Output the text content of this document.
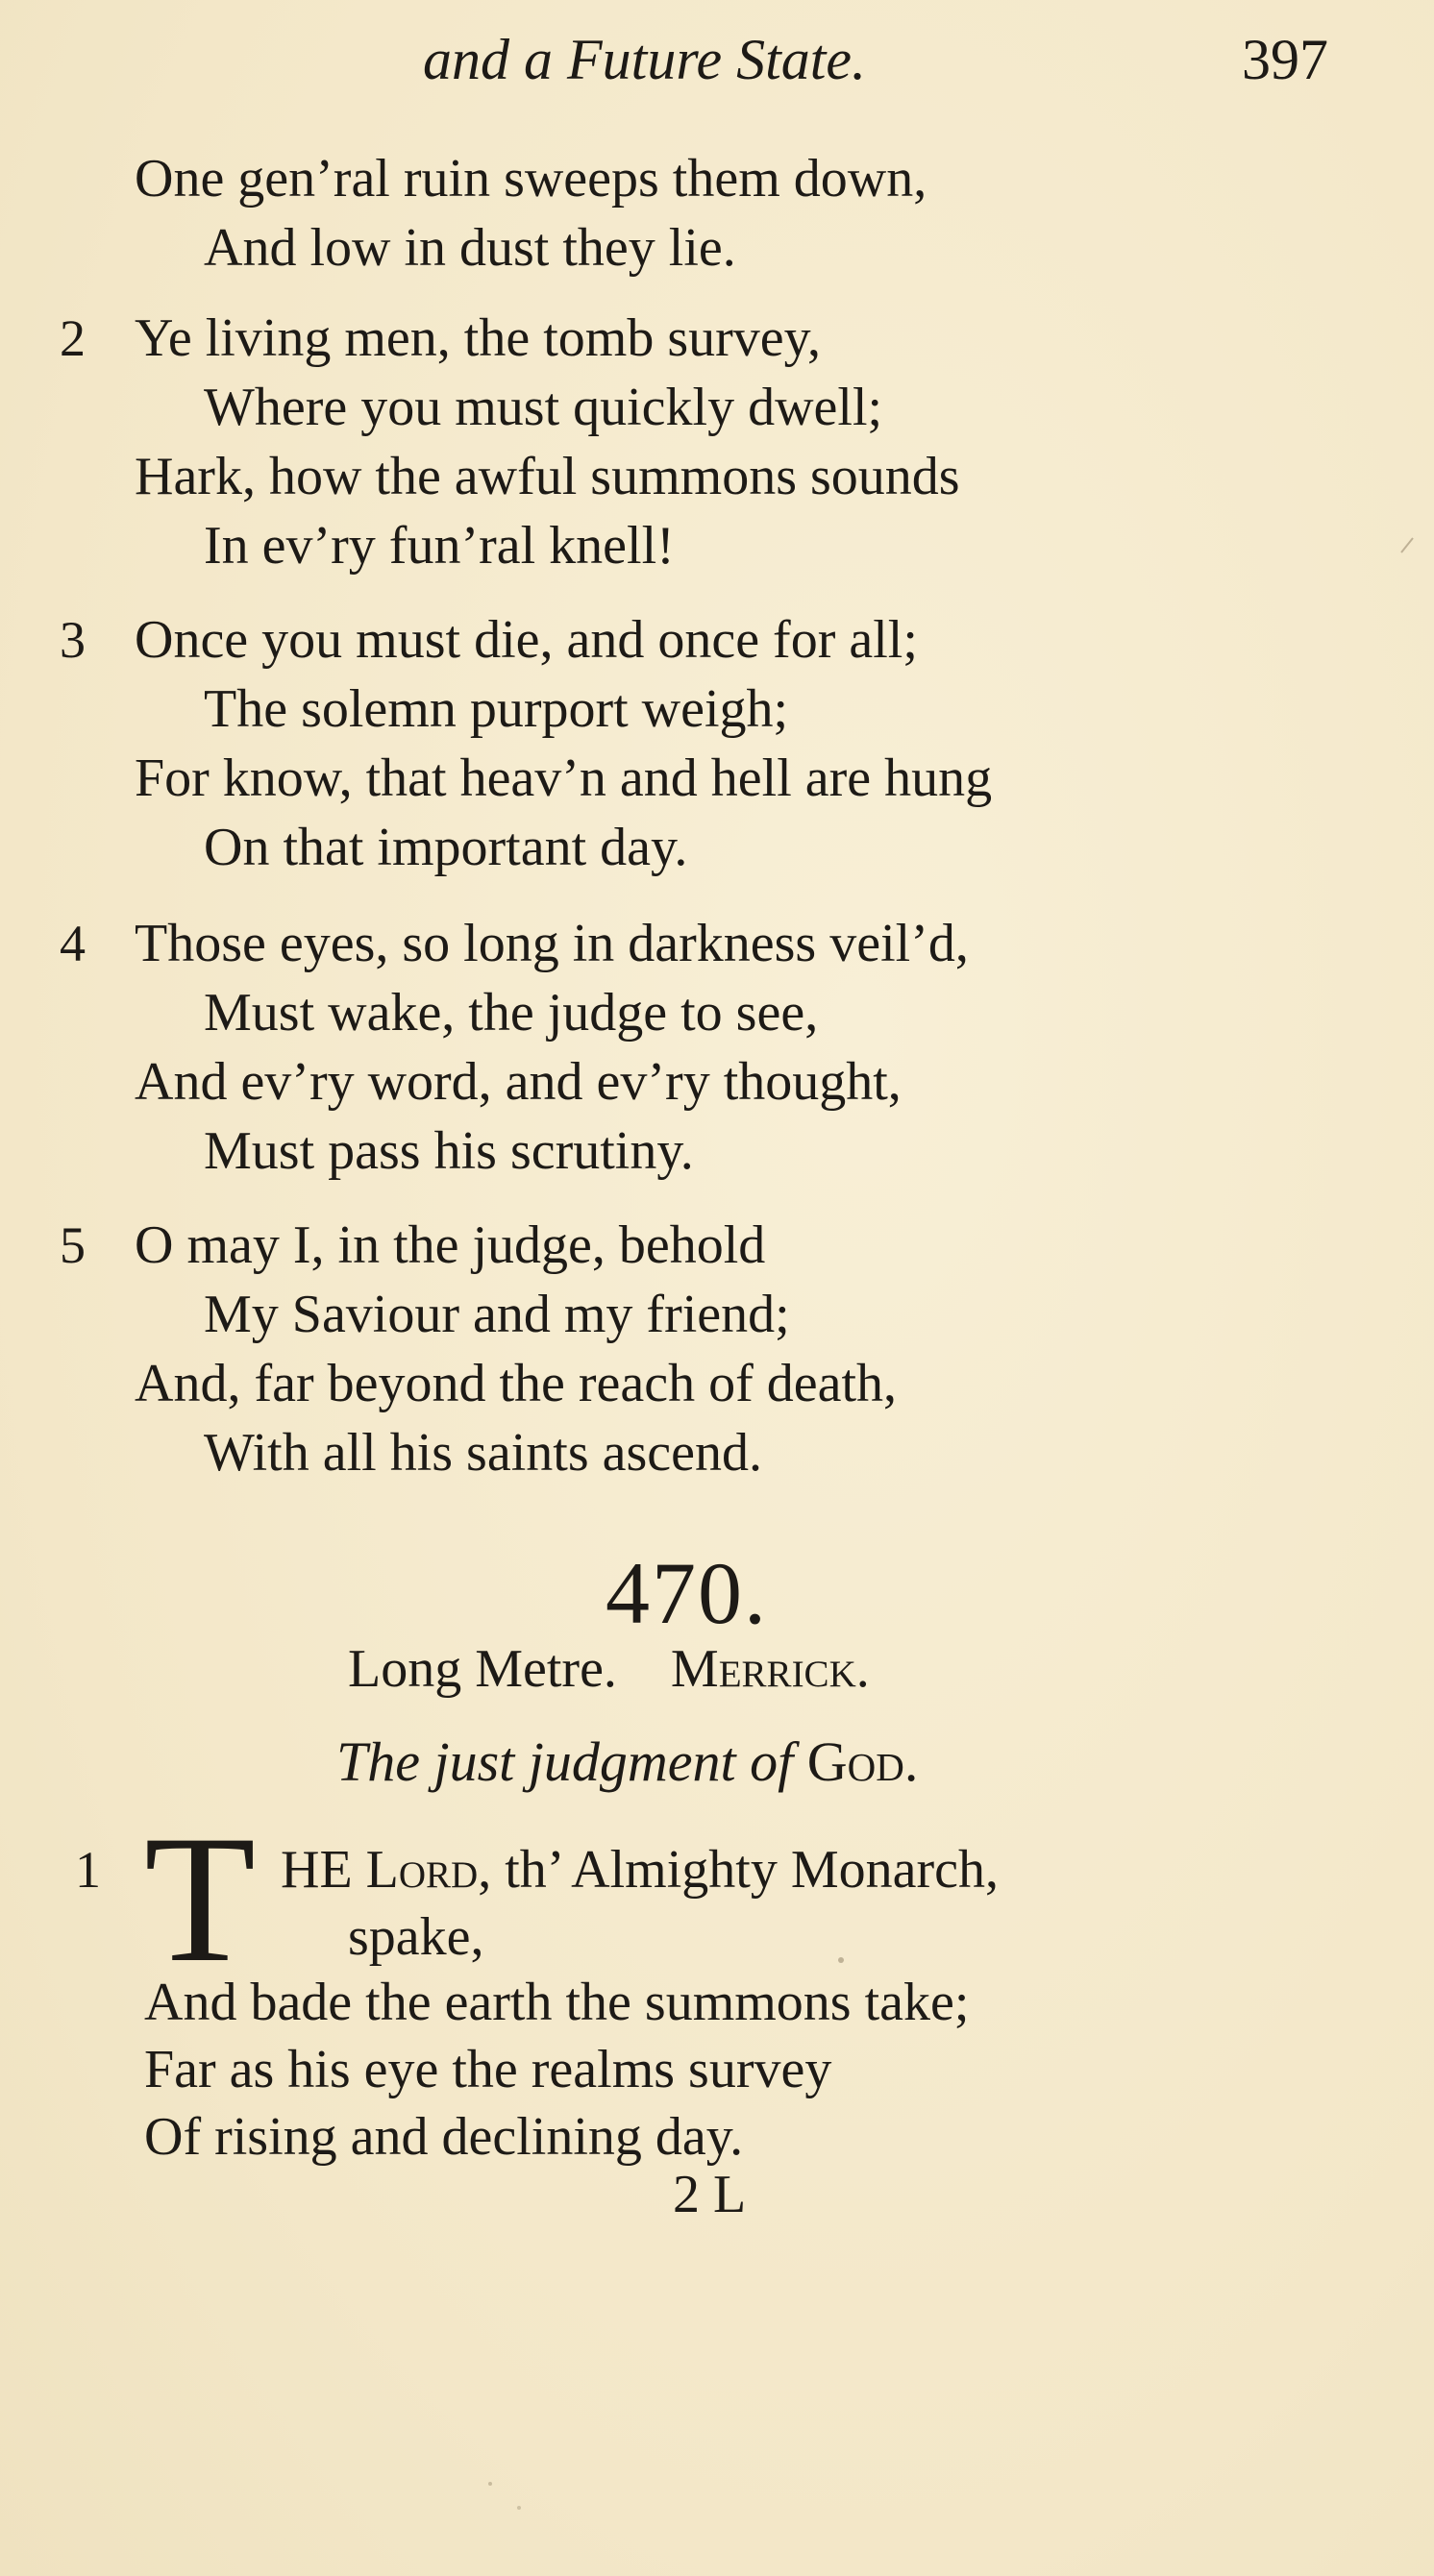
and a Future State.	397
One gen’ral ruin sweeps them down,
And low in dust they lie.
2 Ye living men, the tomb survey,
Where you must quickly dwell;
Hark, how the awful summons sounds
In ev’ry fun’ral knell!
3 Once you must die, and once for all;
The solemn purport weigh;
For know, that heav’n and hell are hung
On that important day.
4 Those eyes, so long in darkness veil’d,
Must wake, the judge to see,
And ev’ry word, and ev’ry thought,
Must pass his scrutiny.
5 O may I, in the judge, behold
My Saviour and my friend;
And, far beyond the reach of death,
With all his saints ascend.
470.
Long Metre. Merrick.
The just judgment of God.
1 T HE Lord, th’ Almighty Monarch,
spake,
And bade the earth the summons take;
Far as his eye the realms survey
Of rising and declining day.
2 L
